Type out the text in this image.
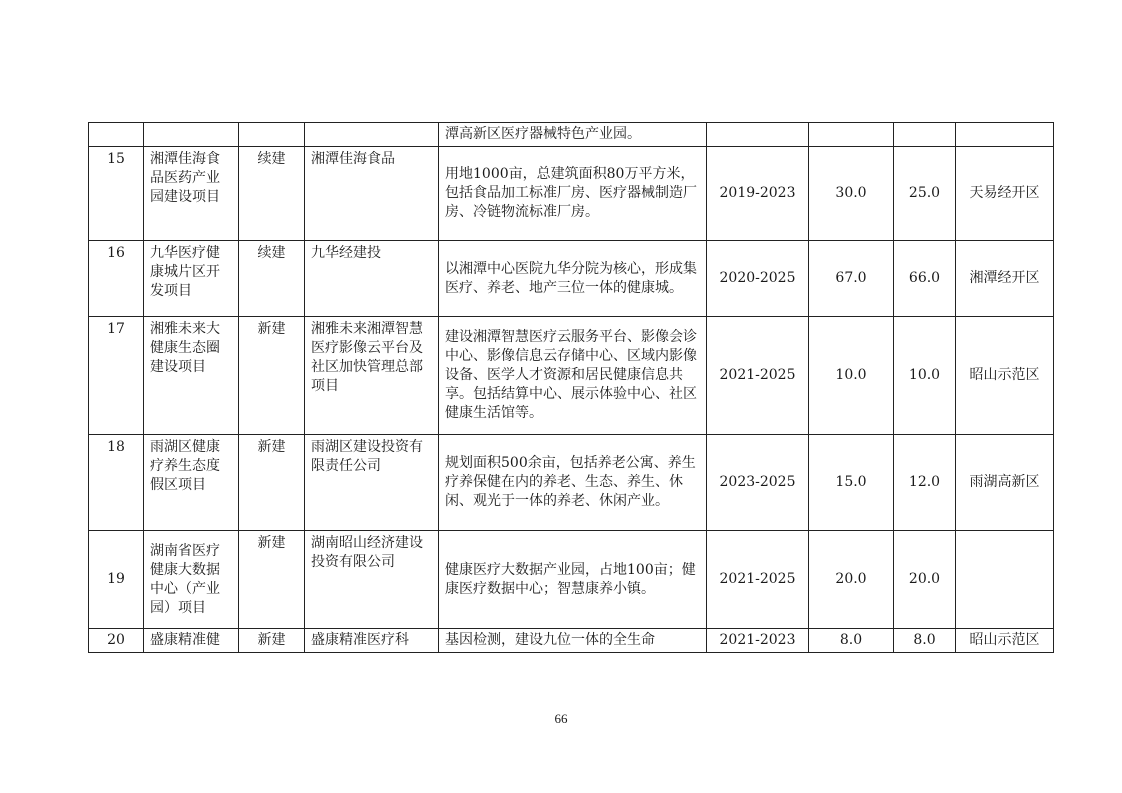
				潭高新区医疗器械特色产业园。				
15	湘潭佳海食品医药产业园建设项目	续建	湘潭佳海食品	用地1000亩，总建筑面积80万平方米，包括食品加工标准厂房、医疗器械制造厂房、冷链物流标准厂房。	2019-2023	30.0	25.0	天易经开区
16	九华医疗健康城片区开发项目	续建	九华经建投	以湘潭中心医院九华分院为核心，形成集医疗、养老、地产三位一体的健康城。	2020-2025	67.0	66.0	湘潭经开区
17	湘雅未来大健康生态圈建设项目	新建	湘雅未来湘潭智慧医疗影像云平台及社区加快管理总部项目	建设湘潭智慧医疗云服务平台、影像会诊中心、影像信息云存储中心、区域内影像设备、医学人才资源和居民健康信息共享。包括结算中心、展示体验中心、社区健康生活馆等。	2021-2025	10.0	10.0	昭山示范区
18	雨湖区健康疗养生态度假区项目	新建	雨湖区建设投资有限责任公司	规划面积500余亩，包括养老公寓、养生疗养保健在内的养老、生态、养生、休闲、观光于一体的养老、休闲产业。	2023-2025	15.0	12.0	雨湖高新区
19	湖南省医疗健康大数据中心（产业园）项目	新建	湖南昭山经济建设投资有限公司	健康医疗大数据产业园，占地100亩；健康医疗数据中心；智慧康养小镇。	2021-2025	20.0	20.0	
20	盛康精准健	新建	盛康精准医疗科	基因检测，建设九位一体的全生命	2021-2023	8.0	8.0	昭山示范区
66
